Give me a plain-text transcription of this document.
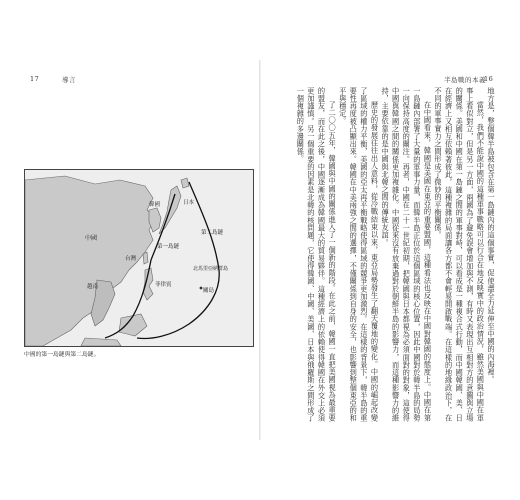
17	導言
韓國	日本
中國
台灣
菲律賓
越南
關島
第一島鏈
第二島鏈
北馬里亞納群島
中國的第一島鏈與第二島鏈。
半島戰的本義
16

地方是，整個韓半島被包含在第一島鏈內的這個事實，促使盡全力延伸至中國的內海裡。

當然，我們不能說中國的這種軍事戰略可以行合在地反映實中的政治情況，雖然美國與中國在軍事上看似對立，但是另一方面，兩國為了避免誤會增加與不測，有時又表現出互相對方的意圖與立場的關係。美國和中國在第一島鏈之間的軍事對峙，可以看成是一種複合式行動，而中國韓國、美、日在經濟上又相互依賴著彼此，這種複雜的局面讓各方都不會輕易開啟戰端。在這樣的地緣政治下，在不同的軍事實力之間形成了微妙的平衡關係。

在中國看來，韓國是美國在東亞的重要盟國，這種看法也反映在中國對韓國的態度上。中國在第一島鏈內部署了大量的軍事力量，而韓半島正位於這個區域的核心位置，因此中國對於韓半島的局勢一向保持高度的關注。再者，中國在二十一世紀初期，把韓國與日本都視為必須面對的對象，這使得中國與韓國之間的關係更加複雜化。中國從來沒有放棄過對於朝鮮半島的影響力，而這種影響力的維持，主要依靠的是中國與北韓之間的傳統友誼。

歷史的發展往往出人意料，從冷戰結束以來，東亞局勢發生了翻天覆地的變化。中國的崛起改變了區域的權力平衡，美國的亞太再平衡戰略使得區域的競爭更加激烈。在這樣的背景下，韓半島的重要性再度被凸顯出來。韓國在中美兩強之間的選擇，不僅關係到自身的安全，也影響到整個東亞的和平與穩定。

了二〇〇五年，韓國與中國的關係進入了一個新的階段。在此之前，韓國一直把美國視為最重要的盟友，而在此之後，中國逐漸成為韓國最大的貿易夥伴。這種經濟上的依賴使得韓國在外交上必須更加謹慎。另一個重要的因素是北韓的核問題，它使得韓國、中國、美國、日本與俄羅斯之間形成了一個複雜的多邊關係。
